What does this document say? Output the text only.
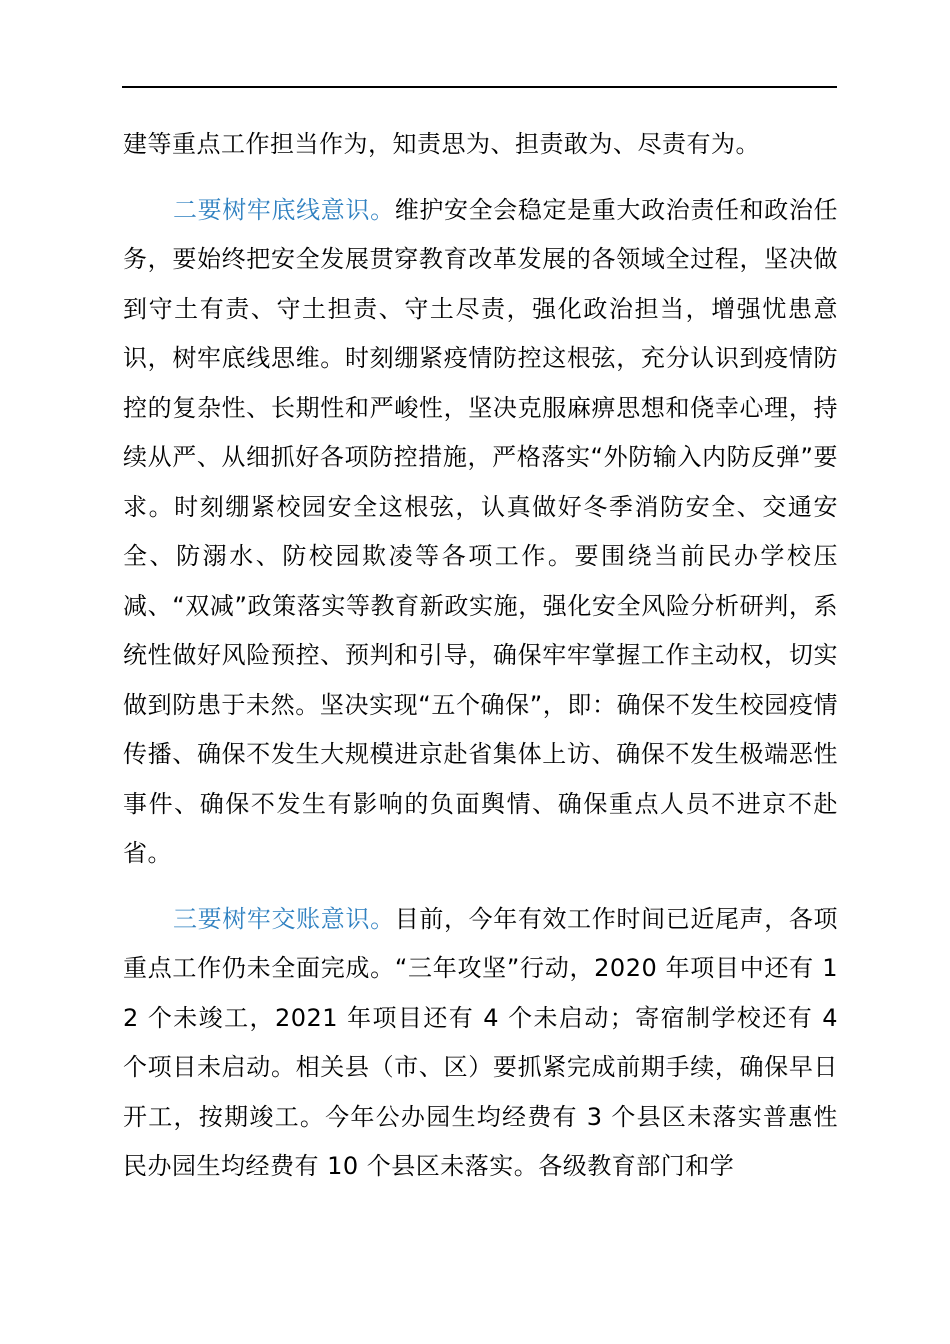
建等重点工作担当作为，知责思为、担责敢为、尽责有为。

二要树牢底线意识。维护安全会稳定是重大政治责任和政治任务，要始终把安全发展贯穿教育改革发展的各领域全过程，坚决做到守土有责、守土担责、守土尽责，强化政治担当，增强忧患意识，树牢底线思维。时刻绷紧疫情防控这根弦，充分认识到疫情防控的复杂性、长期性和严峻性，坚决克服麻痹思想和侥幸心理，持续从严、从细抓好各项防控措施，严格落实“外防输入内防反弹”要求。时刻绷紧校园安全这根弦，认真做好冬季消防安全、交通安全、防溺水、防校园欺凌等各项工作。要围绕当前民办学校压减、“双减”政策落实等教育新政实施，强化安全风险分析研判，系统性做好风险预控、预判和引导，确保牢牢掌握工作主动权，切实做到防患于未然。坚决实现“五个确保”，即：确保不发生校园疫情传播、确保不发生大规模进京赴省集体上访、确保不发生极端恶性事件、确保不发生有影响的负面舆情、确保重点人员不进京不赴省。

三要树牢交账意识。目前，今年有效工作时间已近尾声，各项重点工作仍未全面完成。“三年攻坚”行动，2020 年项目中还有 12 个未竣工，2021 年项目还有 4 个未启动；寄宿制学校还有 4 个项目未启动。相关县（市、区）要抓紧完成前期手续，确保早日开工，按期竣工。今年公办园生均经费有 3 个县区未落实普惠性民办园生均经费有 10 个县区未落实。各级教育部门和学
